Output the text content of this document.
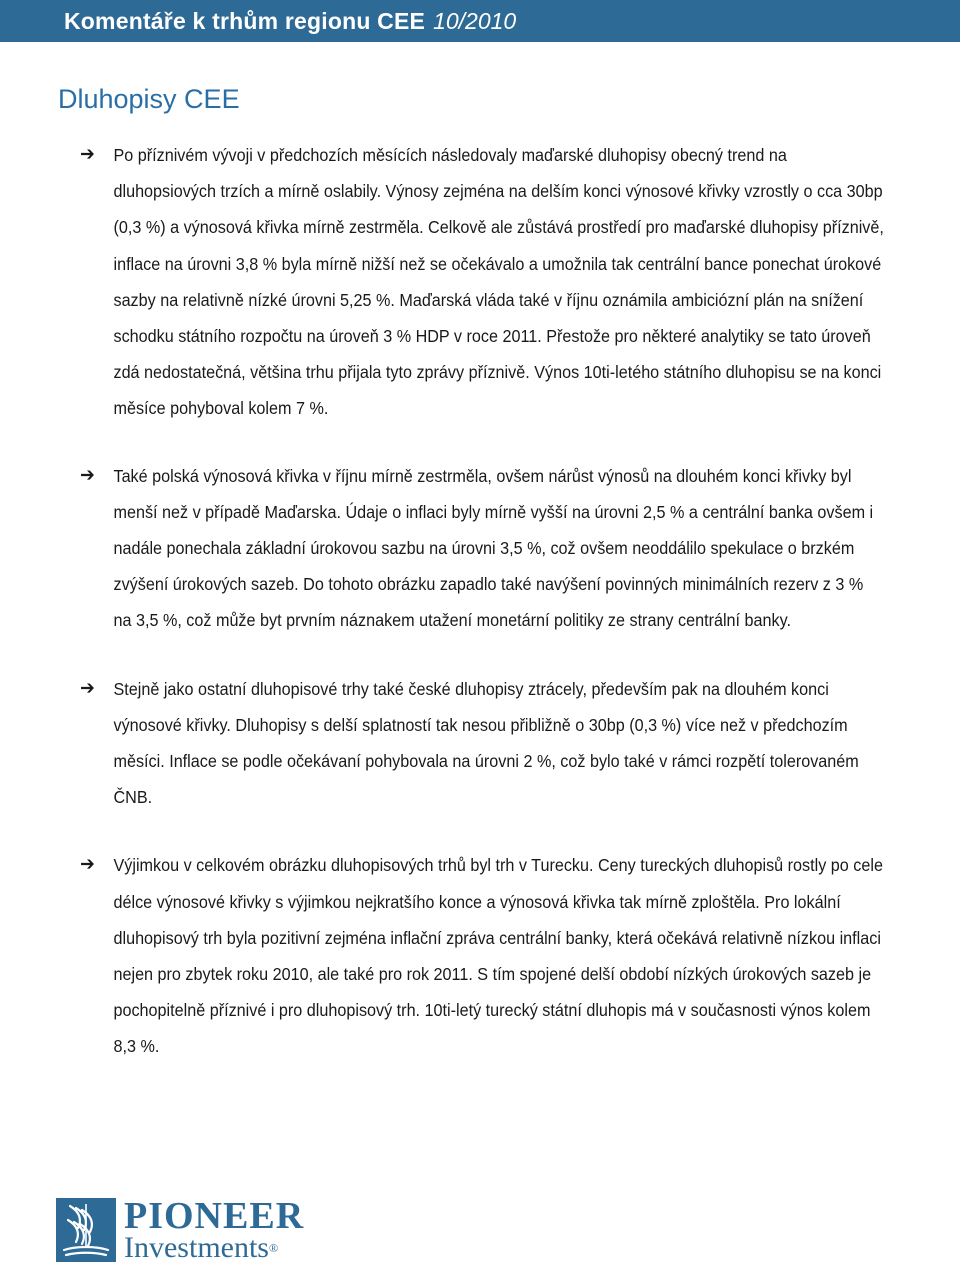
Komentáře k trhům regionu CEE 10/2010
Dluhopisy CEE
➔ Po příznivém vývoji v předchozích měsících následovaly maďarské dluhopisy obecný trend na dluhopsiových trzích a mírně oslabily. Výnosy zejména na delším konci výnosové křivky vzrostly o cca 30bp (0,3 %) a výnosová křivka mírně zestrměla. Celkově ale zůstává prostředí pro maďarské dluhopisy příznivě, inflace na úrovni 3,8 % byla mírně nižší než se očekávalo a umožnila tak centrální bance ponechat úrokové sazby na relativně nízké úrovni 5,25 %. Maďarská vláda také v říjnu oznámila ambiciózní plán na snížení schodku státního rozpočtu na úroveň 3 % HDP v roce 2011. Přestože pro některé analytiky se tato úroveň zdá nedostatečná, většina trhu přijala tyto zprávy příznivě. Výnos 10ti-letého státního dluhopisu se na konci měsíce pohyboval kolem 7 %.
➔ Také polská výnosová křivka v říjnu mírně zestrměla, ovšem nárůst výnosů na dlouhém konci křivky byl menší než v případě Maďarska. Údaje o inflaci byly mírně vyšší na úrovni 2,5 % a centrální banka ovšem i nadále ponechala základní úrokovou sazbu na úrovni 3,5 %, což ovšem neoddálilo spekulace o brzkém zvýšení úrokových sazeb. Do tohoto obrázku zapadlo také navýšení povinných minimálních rezerv z 3 % na 3,5 %, což může byt prvním náznakem utažení monetární politiky ze strany centrální banky.
➔ Stejně jako ostatní dluhopisové trhy také české dluhopisy ztrácely, především pak na dlouhém konci výnosové křivky. Dluhopisy s delší splatností tak nesou přibližně o 30bp (0,3 %) více než v předchozím měsíci. Inflace se podle očekávaní pohybovala na úrovni 2 %, což bylo také v rámci rozpětí tolerovaném ČNB.
➔ Výjimkou v celkovém obrázku dluhopisových trhů byl trh v Turecku. Ceny tureckých dluhopisů rostly po cele délce výnosové křivky s výjimkou nejkratšího konce a výnosová křivka tak mírně zploštěla. Pro lokální dluhopisový trh byla pozitivní zejména inflační zpráva centrální banky, která očekává relativně nízkou inflaci nejen pro zbytek roku 2010, ale také pro rok 2011. S tím spojené delší období nízkých úrokových sazeb je pochopitelně příznivé i pro dluhopisový trh. 10ti-letý turecký státní dluhopis má v současnosti výnos kolem 8,3 %.
PIONEER
Investments®
